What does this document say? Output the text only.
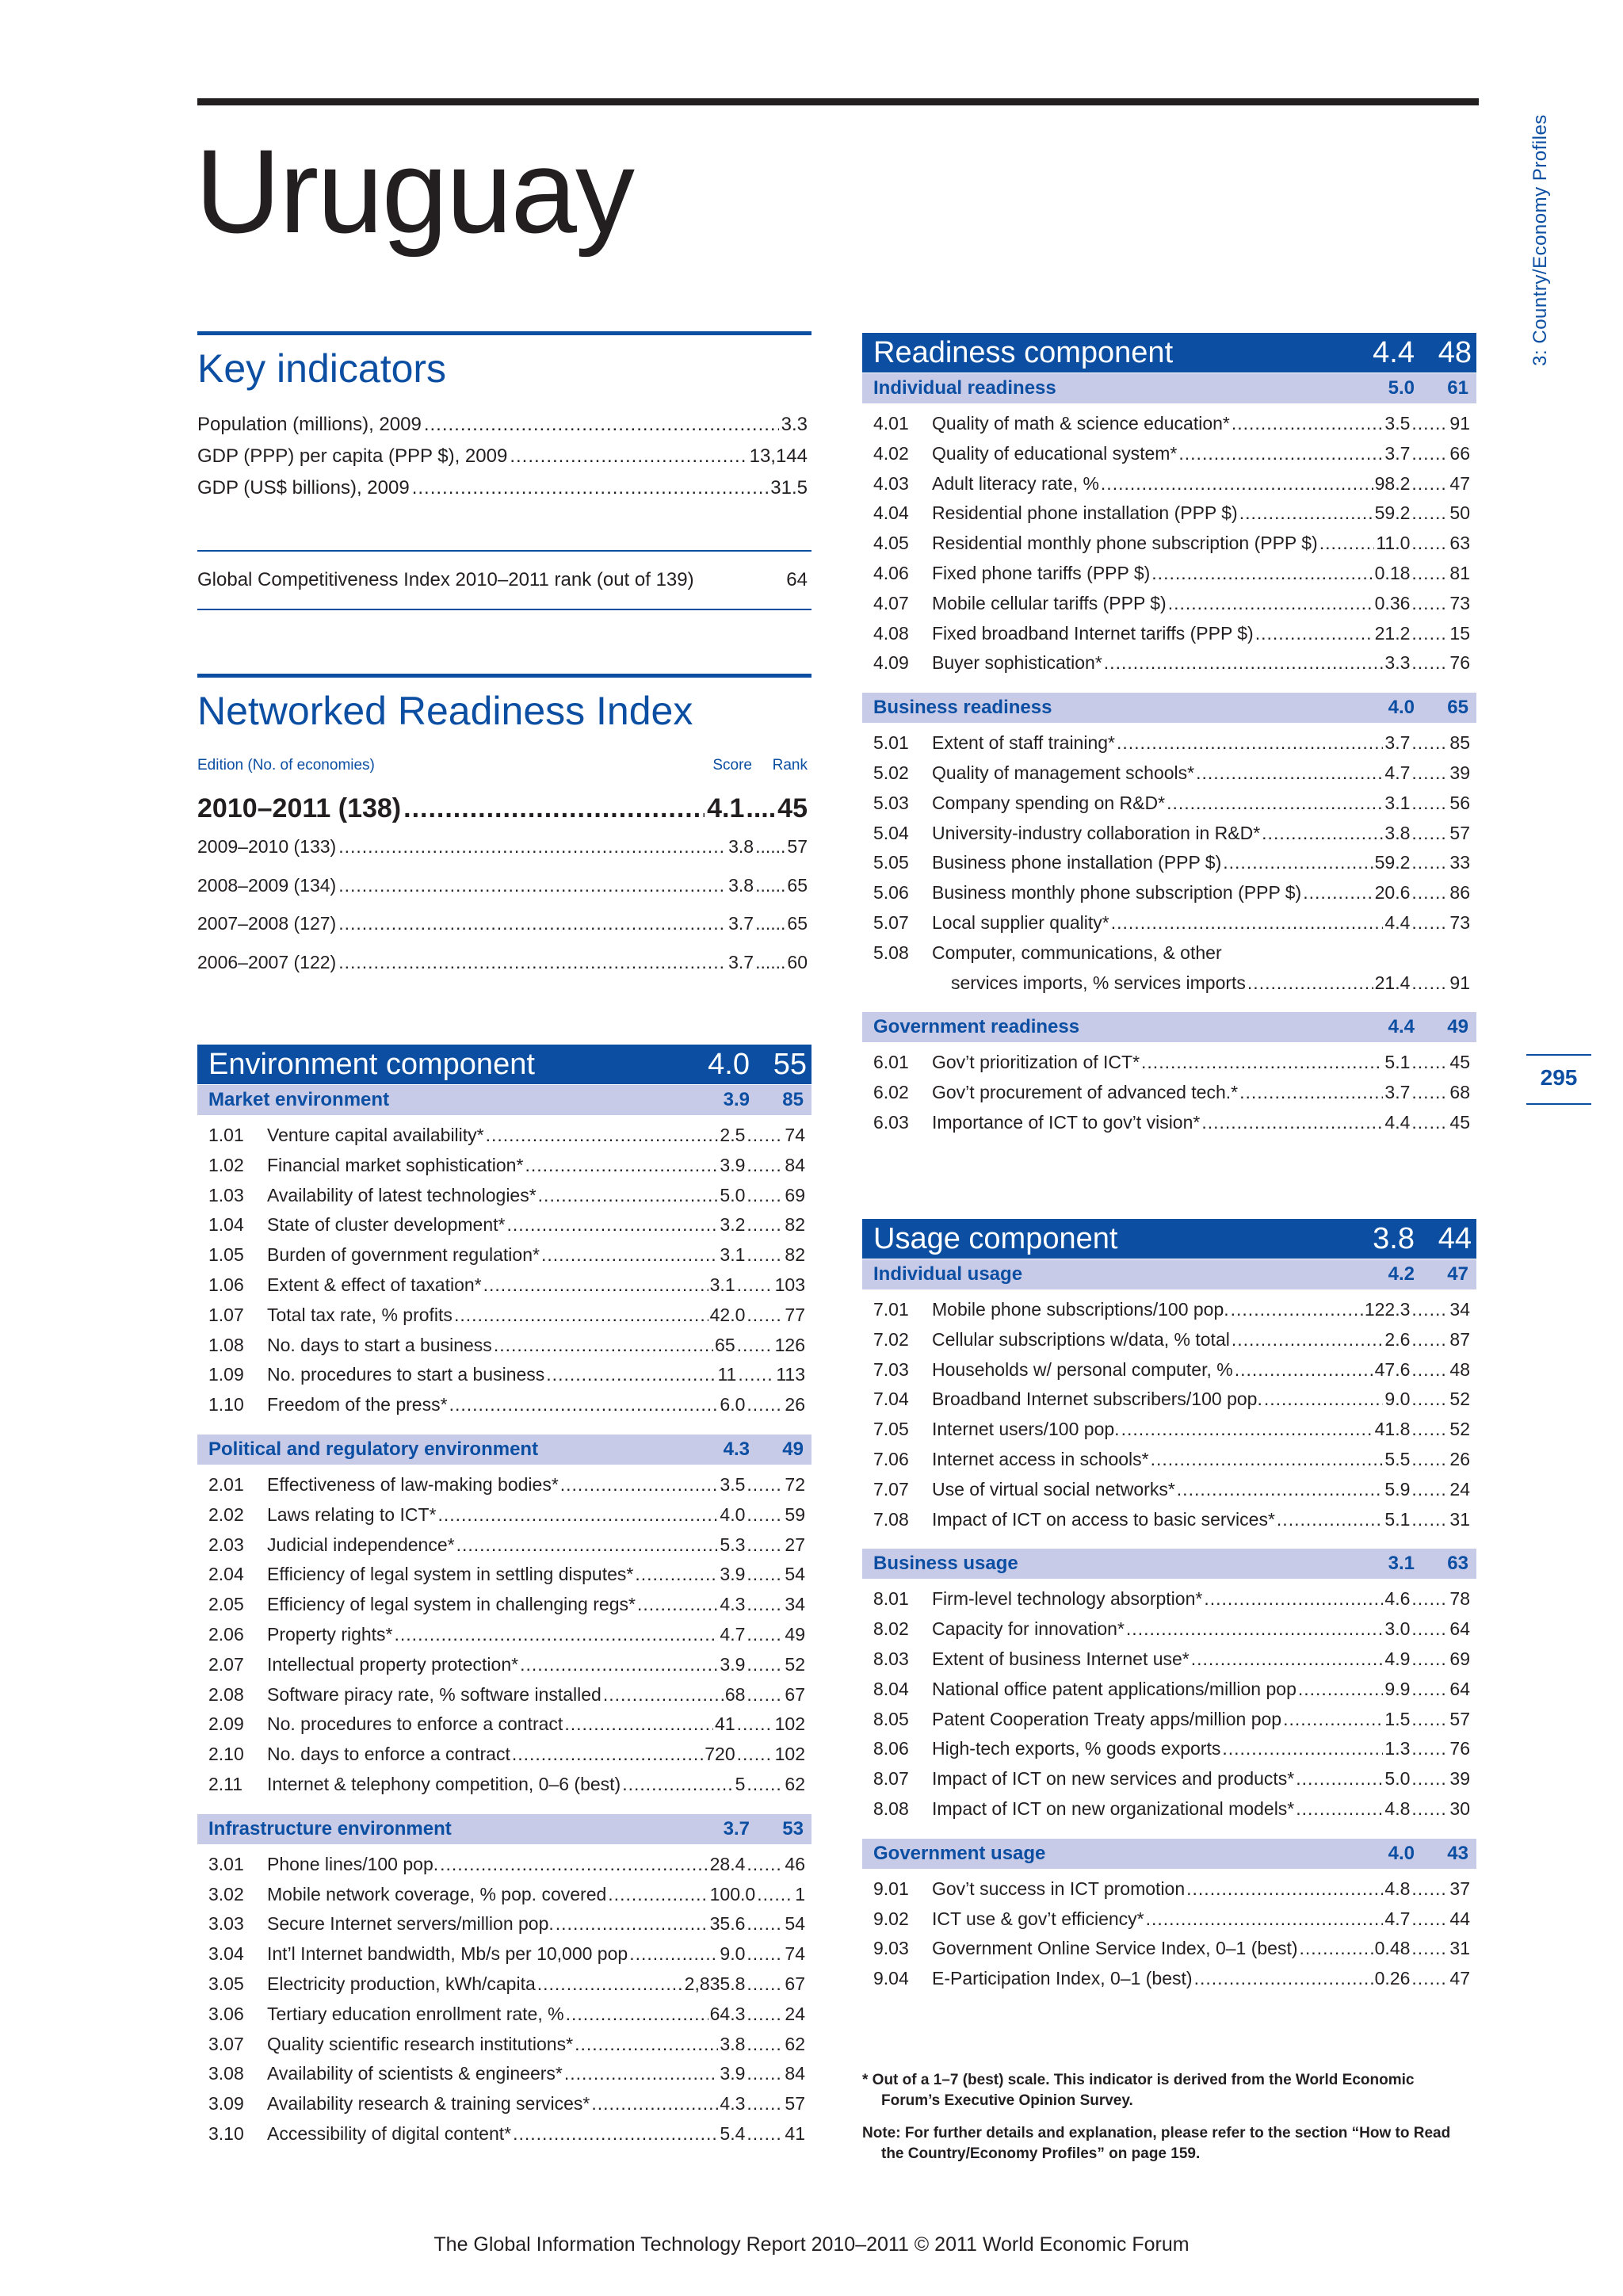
Uruguay	3: Country/Economy Profiles
295
Key indicators
Population (millions), 2009 .....	3.3
GDP (PPP) per capita (PPP $), 2009 .....	13,144
GDP (US$ billions), 2009 .....	31.5
Global Competitiveness Index 2010–2011 rank (out of 139)	64
Networked Readiness Index
Edition (No. of economies)	Score	Rank
2010–2011 (138) .....	4.1 .... 45
2009–2010 (133) .....	3.8 ...... 57
2008–2009 (134) .....	3.8 ...... 65
2007–2008 (127) .....	3.7 ...... 65
2006–2007 (122) .....	3.7 ...... 60
Environment component	4.0 55
Market environment	3.9	85
1.01	Venture capital availability* .....	2.5 ..... 74
1.02	Financial market sophistication* .....	3.9 ..... 84
1.03	Availability of latest technologies* .....	5.0 ..... 69
1.04	State of cluster development* .....	3.2 ..... 82
1.05	Burden of government regulation* .....	3.1 ..... 82
1.06	Extent & effect of taxation* .....	3.1 ..... 103
1.07	Total tax rate, % profits .....	42.0 ..... 77
1.08	No. days to start a business .....	65 ..... 126
1.09	No. procedures to start a business .....	11 ..... 113
1.10	Freedom of the press* .....	6.0 ..... 26
Political and regulatory environment	4.3	49
2.01	Effectiveness of law-making bodies* .....	3.5 ..... 72
2.02	Laws relating to ICT* .....	4.0 ..... 59
2.03	Judicial independence* .....	5.3 ..... 27
2.04	Efficiency of legal system in settling disputes* .....	3.9 ..... 54
2.05	Efficiency of legal system in challenging regs* .....	4.3 ..... 34
2.06	Property rights* .....	4.7 ..... 49
2.07	Intellectual property protection* .....	3.9 ..... 52
2.08	Software piracy rate, % software installed .....	68 ..... 67
2.09	No. procedures to enforce a contract .....	41 ..... 102
2.10	No. days to enforce a contract .....	720 ..... 102
2.11	Internet & telephony competition, 0–6 (best) .....	5 ..... 62
Infrastructure environment	3.7	53
3.01	Phone lines/100 pop. .....	28.4 ..... 46
3.02	Mobile network coverage, % pop. covered .....	100.0 ..... 1
3.03	Secure Internet servers/million pop. .....	35.6 ..... 54
3.04	Int’l Internet bandwidth, Mb/s per 10,000 pop .....	9.0 ..... 74
3.05	Electricity production, kWh/capita .....	2,835.8 ..... 67
3.06	Tertiary education enrollment rate, % .....	64.3 ..... 24
3.07	Quality scientific research institutions* .....	3.8 ..... 62
3.08	Availability of scientists & engineers* .....	3.9 ..... 84
3.09	Availability research & training services* .....	4.3 ..... 57
3.10	Accessibility of digital content* .....	5.4 ..... 41
Readiness component	4.4 48
Individual readiness	5.0	61
4.01	Quality of math & science education* .....	3.5 ..... 91
4.02	Quality of educational system* .....	3.7 ..... 66
4.03	Adult literacy rate, % .....	98.2 ..... 47
4.04	Residential phone installation (PPP $) .....	59.2 ..... 50
4.05	Residential monthly phone subscription (PPP $) .....	11.0 ..... 63
4.06	Fixed phone tariffs (PPP $) .....	0.18 ..... 81
4.07	Mobile cellular tariffs (PPP $) .....	0.36 ..... 73
4.08	Fixed broadband Internet tariffs (PPP $) .....	21.2 ..... 15
4.09	Buyer sophistication* .....	3.3 ..... 76
Business readiness	4.0	65
5.01	Extent of staff training* .....	3.7 ..... 85
5.02	Quality of management schools* .....	4.7 ..... 39
5.03	Company spending on R&D* .....	3.1 ..... 56
5.04	University-industry collaboration in R&D* .....	3.8 ..... 57
5.05	Business phone installation (PPP $) .....	59.2 ..... 33
5.06	Business monthly phone subscription (PPP $) .....	20.6 ..... 86
5.07	Local supplier quality* .....	4.4 ..... 73
5.08	Computer, communications, & other
services imports, % services imports .....	21.4 ..... 91
Government readiness	4.4	49
6.01	Gov’t prioritization of ICT* .....	5.1 ..... 45
6.02	Gov’t procurement of advanced tech.* .....	3.7 ..... 68
6.03	Importance of ICT to gov’t vision* .....	4.4 ..... 45
Usage component	3.8 44
Individual usage	4.2	47
7.01	Mobile phone subscriptions/100 pop. .....	122.3 ..... 34
7.02	Cellular subscriptions w/data, % total .....	2.6 ..... 87
7.03	Households w/ personal computer, % .....	47.6 ..... 48
7.04	Broadband Internet subscribers/100 pop. .....	9.0 ..... 52
7.05	Internet users/100 pop. .....	41.8 ..... 52
7.06	Internet access in schools* .....	5.5 ..... 26
7.07	Use of virtual social networks* .....	5.9 ..... 24
7.08	Impact of ICT on access to basic services* .....	5.1 ..... 31
Business usage	3.1	63
8.01	Firm-level technology absorption* .....	4.6 ..... 78
8.02	Capacity for innovation* .....	3.0 ..... 64
8.03	Extent of business Internet use* .....	4.9 ..... 69
8.04	National office patent applications/million pop .....	9.9 ..... 64
8.05	Patent Cooperation Treaty apps/million pop .....	1.5 ..... 57
8.06	High-tech exports, % goods exports .....	1.3 ..... 76
8.07	Impact of ICT on new services and products* .....	5.0 ..... 39
8.08	Impact of ICT on new organizational models* .....	4.8 ..... 30
Government usage	4.0	43
9.01	Gov’t success in ICT promotion .....	4.8 ..... 37
9.02	ICT use & gov’t efficiency* .....	4.7 ..... 44
9.03	Government Online Service Index, 0–1 (best) .....	0.48 ..... 31
9.04	E-Participation Index, 0–1 (best) .....	0.26 ..... 47

* Out of a 1–7 (best) scale. This indicator is derived from the World Economic Forum’s Executive Opinion Survey.

Note: For further details and explanation, please refer to the section “How to Read the Country/Economy Profiles” on page 159.

The Global Information Technology Report 2010–2011 © 2011 World Economic Forum
